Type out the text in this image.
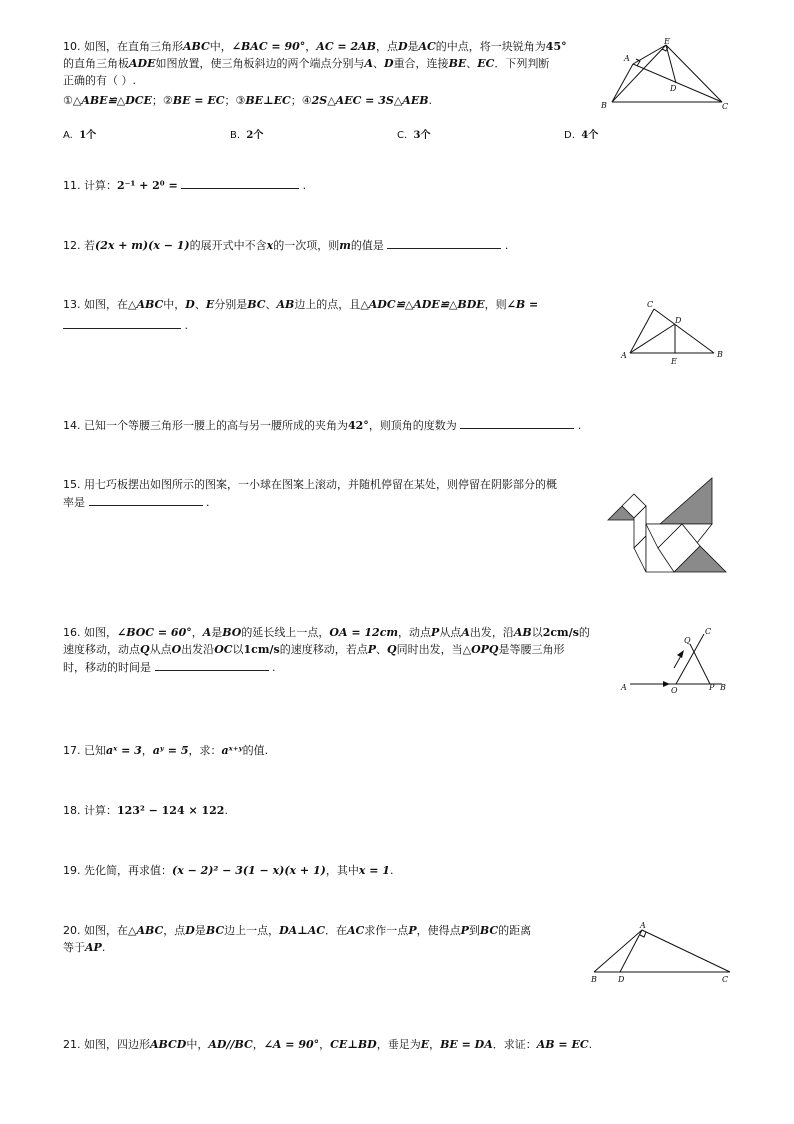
10. 如图，在直角三角形ABC中，∠BAC = 90°，AC = 2AB，点D是AC的中点，将一块锐角为45°
的直角三角板ADE如图放置，使三角板斜边的两个端点分别与A、D重合，连接BE、EC．下列判断
正确的有（ ）.
①△ABE≌△DCE；②BE = EC；③BE⊥EC；④2S△AEC = 3S△AEB.
A. 1个	B. 2个	C. 3个	D. 4个
A
E
D
B	C
11. 计算：2⁻¹ + 2⁰ =	.
12. 若(2x + m)(x − 1)的展开式中不含x的一次项，则m的值是	.
13. 如图，在△ABC中，D、E分别是BC、AB边上的点，且△ADC≌△ADE≌△BDE，则∠B =
.
C
D
A
E
B
14. 已知一个等腰三角形一腰上的高与另一腰所成的夹角为42°，则顶角的度数为	.
15. 用七巧板摆出如图所示的图案，一小球在图案上滚动，并随机停留在某处，则停留在阴影部分的概
率是	.
16. 如图，∠BOC = 60°，A是BO的延长线上一点，OA = 12cm，动点P从点A出发，沿AB以2cm/s的
速度移动，动点Q从点O出发沿OC以1cm/s的速度移动，若点P、Q同时出发，当△OPQ是等腰三角形
时，移动的时间是	.
Q
C
A	O	P B
17. 已知aˣ = 3，aʸ = 5，求：aˣ⁺ʸ的值.
18. 计算：123² − 124 × 122.
19. 先化简，再求值：(x − 2)² − 3(1 − x)(x + 1)，其中x = 1.
20. 如图，在△ABC，点D是BC边上一点，DA⊥AC．在AC求作一点P，使得点P到BC的距离
等于AP.
A
B	D	C
21. 如图，四边形ABCD中，AD//BC，∠A = 90°，CE⊥BD，垂足为E，BE = DA．求证：AB = EC.
